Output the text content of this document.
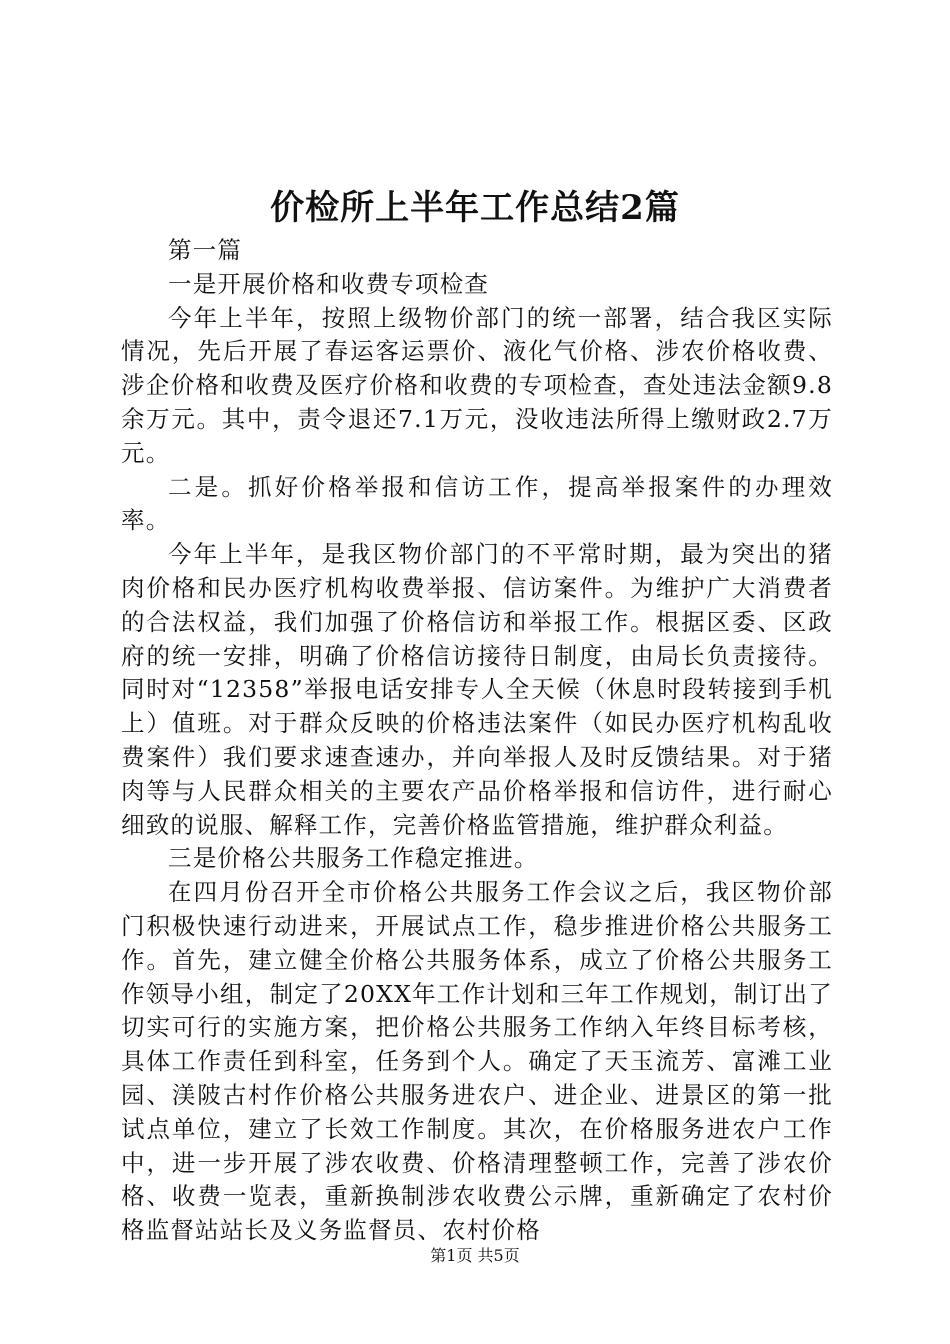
价检所上半年工作总结2篇

第一篇

一是开展价格和收费专项检查

今年上半年，按照上级物价部门的统一部署，结合我区实际情况，先后开展了春运客运票价、液化气价格、涉农价格收费、涉企价格和收费及医疗价格和收费的专项检查，查处违法金额9.8余万元。其中，责令退还7.1万元，没收违法所得上缴财政2.7万元。

二是。抓好价格举报和信访工作，提高举报案件的办理效率。

今年上半年，是我区物价部门的不平常时期，最为突出的猪肉价格和民办医疗机构收费举报、信访案件。为维护广大消费者的合法权益，我们加强了价格信访和举报工作。根据区委、区政府的统一安排，明确了价格信访接待日制度，由局长负责接待。同时对“12358”举报电话安排专人全天候（休息时段转接到手机上）值班。对于群众反映的价格违法案件（如民办医疗机构乱收费案件）我们要求速查速办，并向举报人及时反馈结果。对于猪肉等与人民群众相关的主要农产品价格举报和信访件，进行耐心细致的说服、解释工作，完善价格监管措施，维护群众利益。

三是价格公共服务工作稳定推进。

在四月份召开全市价格公共服务工作会议之后，我区物价部门积极快速行动进来，开展试点工作，稳步推进价格公共服务工作。首先，建立健全价格公共服务体系，成立了价格公共服务工作领导小组，制定了20XX年工作计划和三年工作规划，制订出了切实可行的实施方案，把价格公共服务工作纳入年终目标考核，具体工作责任到科室，任务到个人。确定了天玉流芳、富滩工业园、渼陂古村作价格公共服务进农户、进企业、进景区的第一批试点单位，建立了长效工作制度。其次，在价格服务进农户工作中，进一步开展了涉农收费、价格清理整顿工作，完善了涉农价格、收费一览表，重新换制涉农收费公示牌，重新确定了农村价格监督站站长及义务监督员、农村价格

第1页 共5页
